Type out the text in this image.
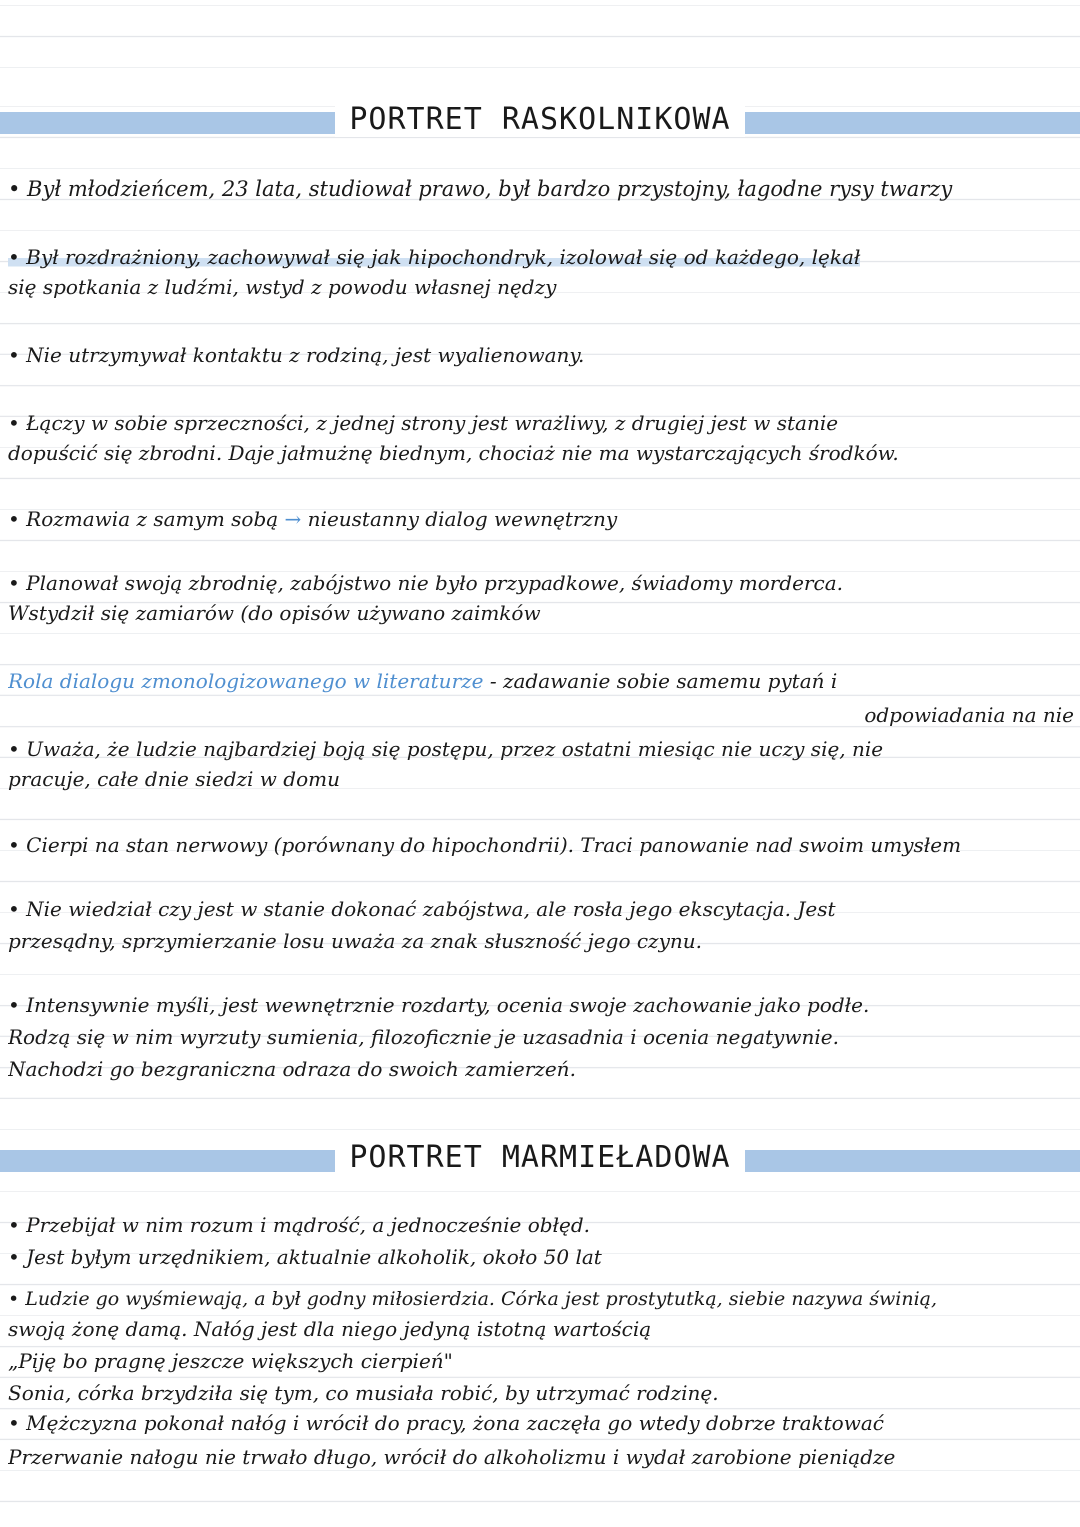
PORTRET RASKOLNIKOWA
• Był młodzieńcem, 23 lata, studiował prawo, był bardzo przystojny, łagodne rysy twarzy
• Był rozdrażniony, zachowywał się jak hipochondryk, izolował się od każdego, lękał
się spotkania z ludźmi, wstyd z powodu własnej nędzy
• Nie utrzymywał kontaktu z rodziną, jest wyalienowany.
• Łączy w sobie sprzeczności, z jednej strony jest wrażliwy, z drugiej jest w stanie
dopuścić się zbrodni. Daje jałmużnę biednym, chociaż nie ma wystarczających środków.
• Rozmawia z samym sobą → nieustanny dialog wewnętrzny
• Planował swoją zbrodnię, zabójstwo nie było przypadkowe, świadomy morderca.
Wstydził się zamiarów (do opisów używano zaimków
Rola dialogu zmonologizowanego w literaturze - zadawanie sobie samemu pytań i
odpowiadania na nie
• Uważa, że ludzie najbardziej boją się postępu, przez ostatni miesiąc nie uczy się, nie
pracuje, całe dnie siedzi w domu
• Cierpi na stan nerwowy (porównany do hipochondrii). Traci panowanie nad swoim umysłem
• Nie wiedział czy jest w stanie dokonać zabójstwa, ale rosła jego ekscytacja. Jest
przesądny, sprzymierzanie losu uważa za znak słuszność jego czynu.
• Intensywnie myśli, jest wewnętrznie rozdarty, ocenia swoje zachowanie jako podłe.
Rodzą się w nim wyrzuty sumienia, filozoficznie je uzasadnia i ocenia negatywnie.
Nachodzi go bezgraniczna odraza do swoich zamierzeń.
PORTRET MARMIEŁADOWA
• Przebijał w nim rozum i mądrość, a jednocześnie obłęd.
• Jest byłym urzędnikiem, aktualnie alkoholik, około 50 lat
• Ludzie go wyśmiewają, a był godny miłosierdzia. Córka jest prostytutką, siebie nazywa świnią,
swoją żonę damą. Nałóg jest dla niego jedyną istotną wartością
„Piję bo pragnę jeszcze większych cierpień"
Sonia, córka brzydziła się tym, co musiała robić, by utrzymać rodzinę.
• Mężczyzna pokonał nałóg i wrócił do pracy, żona zaczęła go wtedy dobrze traktować
Przerwanie nałogu nie trwało długo, wrócił do alkoholizmu i wydał zarobione pieniądze
